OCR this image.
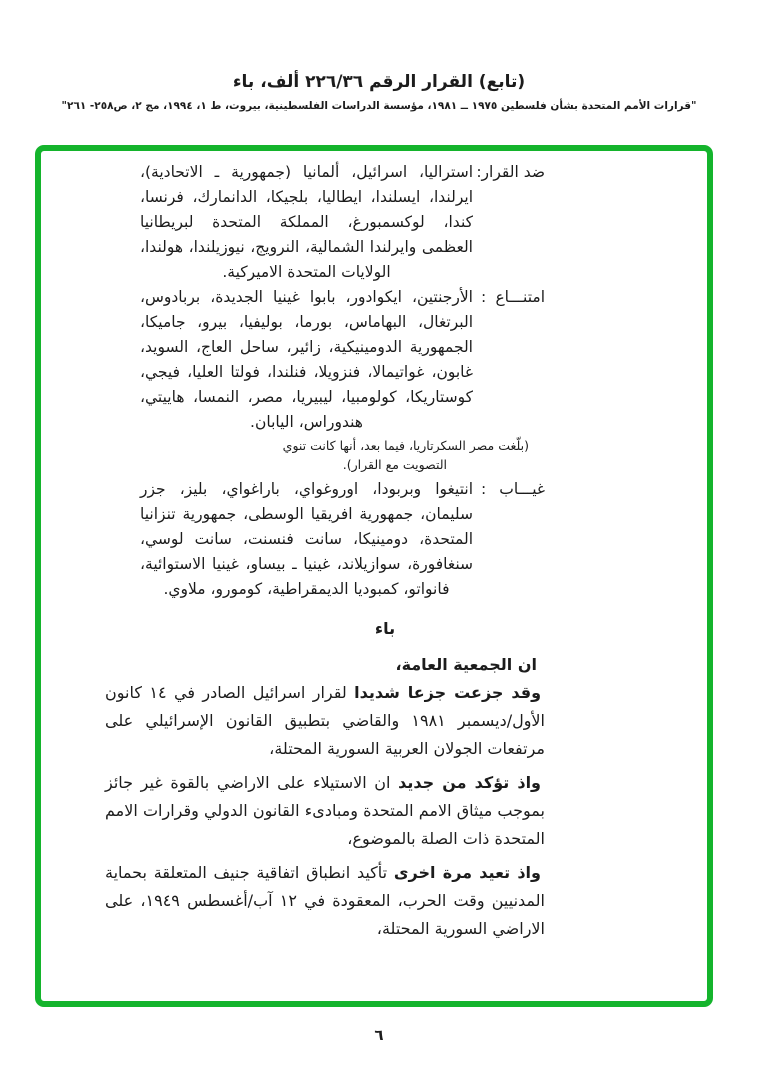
(تابع) القرار الرقم ٢٢٦/٣٦ ألف، باء
"قرارات الأمم المتحدة بشأن فلسطين ١٩٧٥ ــ ١٩٨١، مؤسسة الدراسات الفلسطينية، بيروت، ط ١، ١٩٩٤، مج ٢، ص٢٥٨- ٢٦١"
ضد القرار
:
استراليا، اسرائيل، ألمانيا (جمهورية ـ الاتحادية)، ايرلندا، ايسلندا، ايطاليا، بلجيكا، الدانمارك، فرنسا، كندا، لوكسمبورغ، المملكة المتحدة لبريطانيا العظمى وايرلندا الشمالية، النرويج، نيوزيلندا، هولندا، الولايات المتحدة الاميركية.
امتنـــاع
:
الأرجنتين، ايكوادور، بابوا غينيا الجديدة، بربادوس، البرتغال، البهاماس، بورما، بوليفيا، بيرو، جاميكا، الجمهورية الدومينيكية، زائير، ساحل العاج، السويد، غابون، غواتيمالا، فنزويلا، فنلندا، فولتا العليا، فيجي، كوستاريكا، كولومبيا، ليبيريا، مصر، النمسا، هاييتي، هندوراس، اليابان.
(بلّغت مصر السكرتاريا، فيما بعد، أنها كانت تنوي
التصويت مع القرار).
غيـــاب
:
انتيغوا وبربودا، اوروغواي، باراغواي، بليز، جزر سليمان، جمهورية افريقيا الوسطى، جمهورية تنزانيا المتحدة، دومينيكا، سانت فنسنت، سانت لوسي، سنغافورة، سوازيلاند، غينيا ـ بيساو، غينيا الاستوائية، فانواتو، كمبوديا الديمقراطية، كومورو، ملاوي.
باء
ان الجمعية العامة،

وقد جزعت جزعا شديدا لقرار اسرائيل الصادر في ١٤ كانون الأول/ديسمبر ١٩٨١ والقاضي بتطبيق القانون الإسرائيلي على مرتفعات الجولان العربية السورية المحتلة،

واذ تؤكد من جديد ان الاستيلاء على الاراضي بالقوة غير جائز بموجب ميثاق الامم المتحدة ومبادىء القانون الدولي وقرارات الامم المتحدة ذات الصلة بالموضوع،

واذ تعيد مرة اخرى تأكيد انطباق اتفاقية جنيف المتعلقة بحماية المدنيين وقت الحرب، المعقودة في ١٢ آب/أغسطس ١٩٤٩، على الاراضي السورية المحتلة،

٦
